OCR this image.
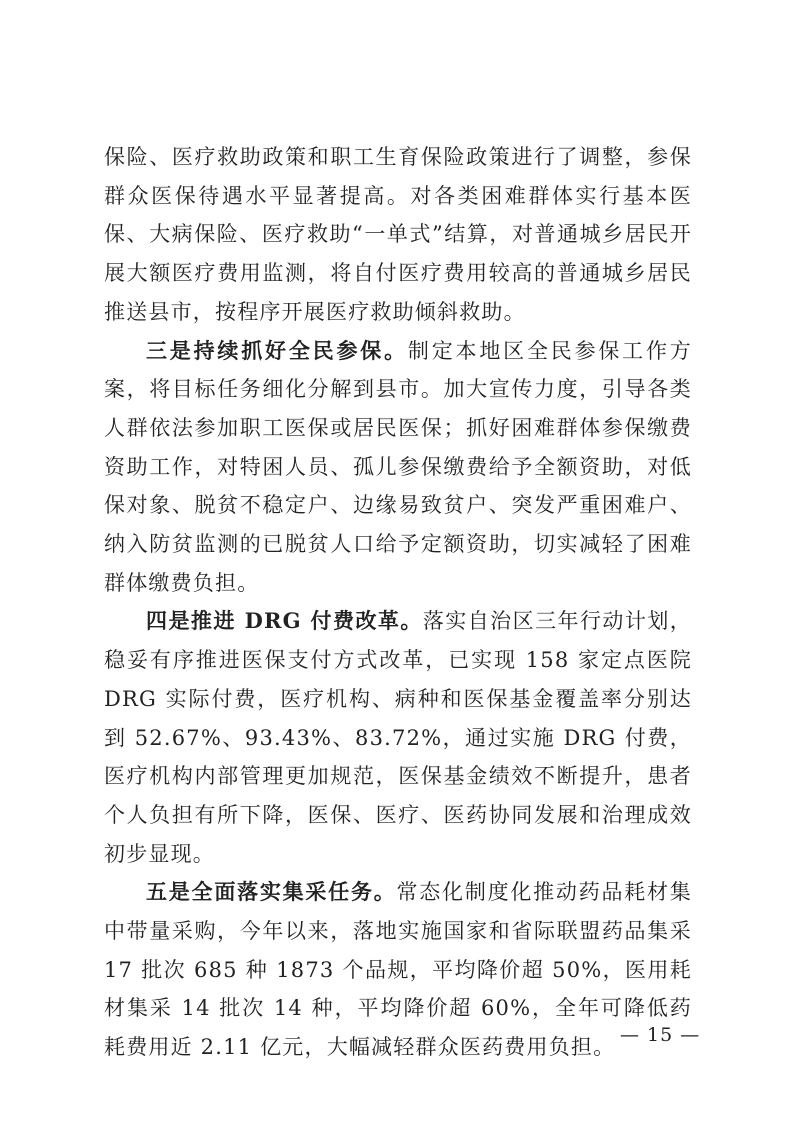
保险、医疗救助政策和职工生育保险政策进行了调整，参保群众医保待遇水平显著提高。对各类困难群体实行基本医保、大病保险、医疗救助“一单式”结算，对普通城乡居民开展大额医疗费用监测，将自付医疗费用较高的普通城乡居民推送县市，按程序开展医疗救助倾斜救助。

三是持续抓好全民参保。制定本地区全民参保工作方案，将目标任务细化分解到县市。加大宣传力度，引导各类人群依法参加职工医保或居民医保；抓好困难群体参保缴费资助工作，对特困人员、孤儿参保缴费给予全额资助，对低保对象、脱贫不稳定户、边缘易致贫户、突发严重困难户、纳入防贫监测的已脱贫人口给予定额资助，切实减轻了困难群体缴费负担。

四是推进 DRG 付费改革。落实自治区三年行动计划，稳妥有序推进医保支付方式改革，已实现 158 家定点医院 DRG 实际付费，医疗机构、病种和医保基金覆盖率分别达到 52.67%、93.43%、83.72%，通过实施 DRG 付费，医疗机构内部管理更加规范，医保基金绩效不断提升，患者个人负担有所下降，医保、医疗、医药协同发展和治理成效初步显现。

五是全面落实集采任务。常态化制度化推动药品耗材集中带量采购，今年以来，落地实施国家和省际联盟药品集采 17 批次 685 种 1873 个品规，平均降价超 50%，医用耗材集采 14 批次 14 种，平均降价超 60%，全年可降低药耗费用近 2.11 亿元，大幅减轻群众医药费用负担。

— 15 —
